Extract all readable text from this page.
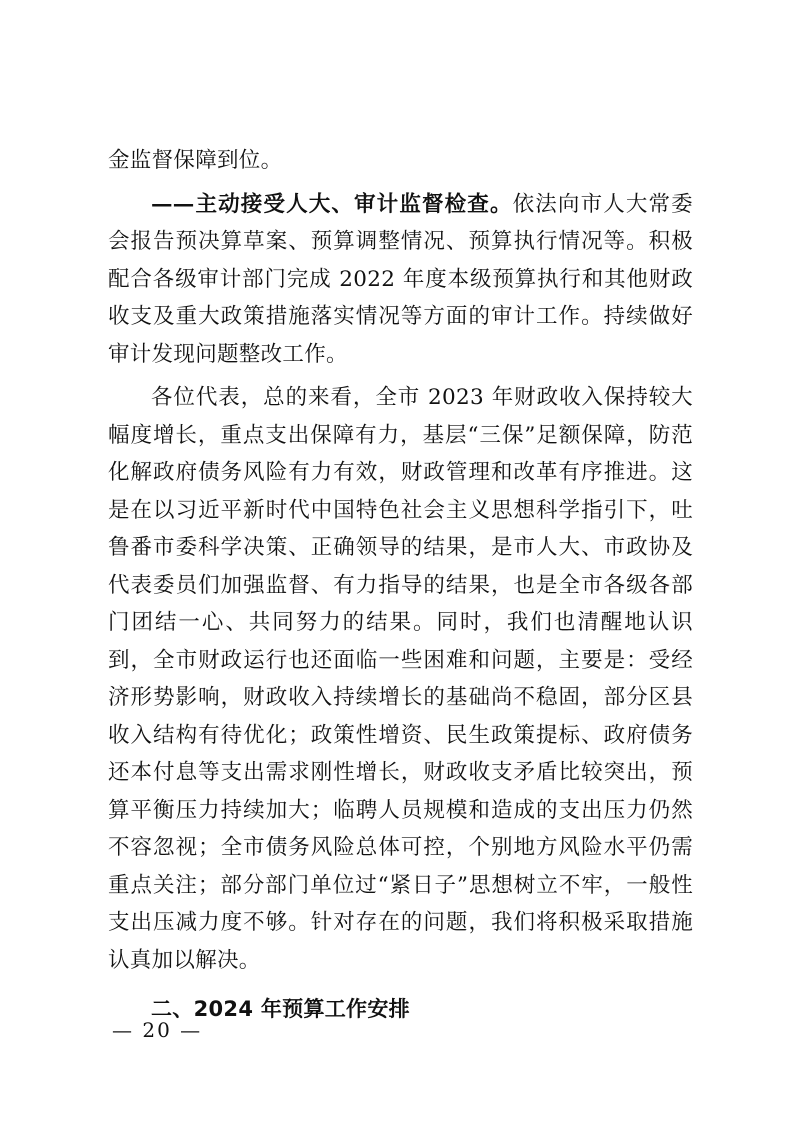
金监督保障到位。

——主动接受人大、审计监督检查。依法向市人大常委会报告预决算草案、预算调整情况、预算执行情况等。积极配合各级审计部门完成 2022 年度本级预算执行和其他财政收支及重大政策措施落实情况等方面的审计工作。持续做好审计发现问题整改工作。

各位代表，总的来看，全市 2023 年财政收入保持较大幅度增长，重点支出保障有力，基层“三保”足额保障，防范化解政府债务风险有力有效，财政管理和改革有序推进。这是在以习近平新时代中国特色社会主义思想科学指引下，吐鲁番市委科学决策、正确领导的结果，是市人大、市政协及代表委员们加强监督、有力指导的结果，也是全市各级各部门团结一心、共同努力的结果。同时，我们也清醒地认识到，全市财政运行也还面临一些困难和问题，主要是：受经济形势影响，财政收入持续增长的基础尚不稳固，部分区县收入结构有待优化；政策性增资、民生政策提标、政府债务还本付息等支出需求刚性增长，财政收支矛盾比较突出，预算平衡压力持续加大；临聘人员规模和造成的支出压力仍然不容忽视；全市债务风险总体可控，个别地方风险水平仍需重点关注；部分部门单位过“紧日子”思想树立不牢，一般性支出压减力度不够。针对存在的问题，我们将积极采取措施认真加以解决。

二、2024 年预算工作安排

— 20 —
